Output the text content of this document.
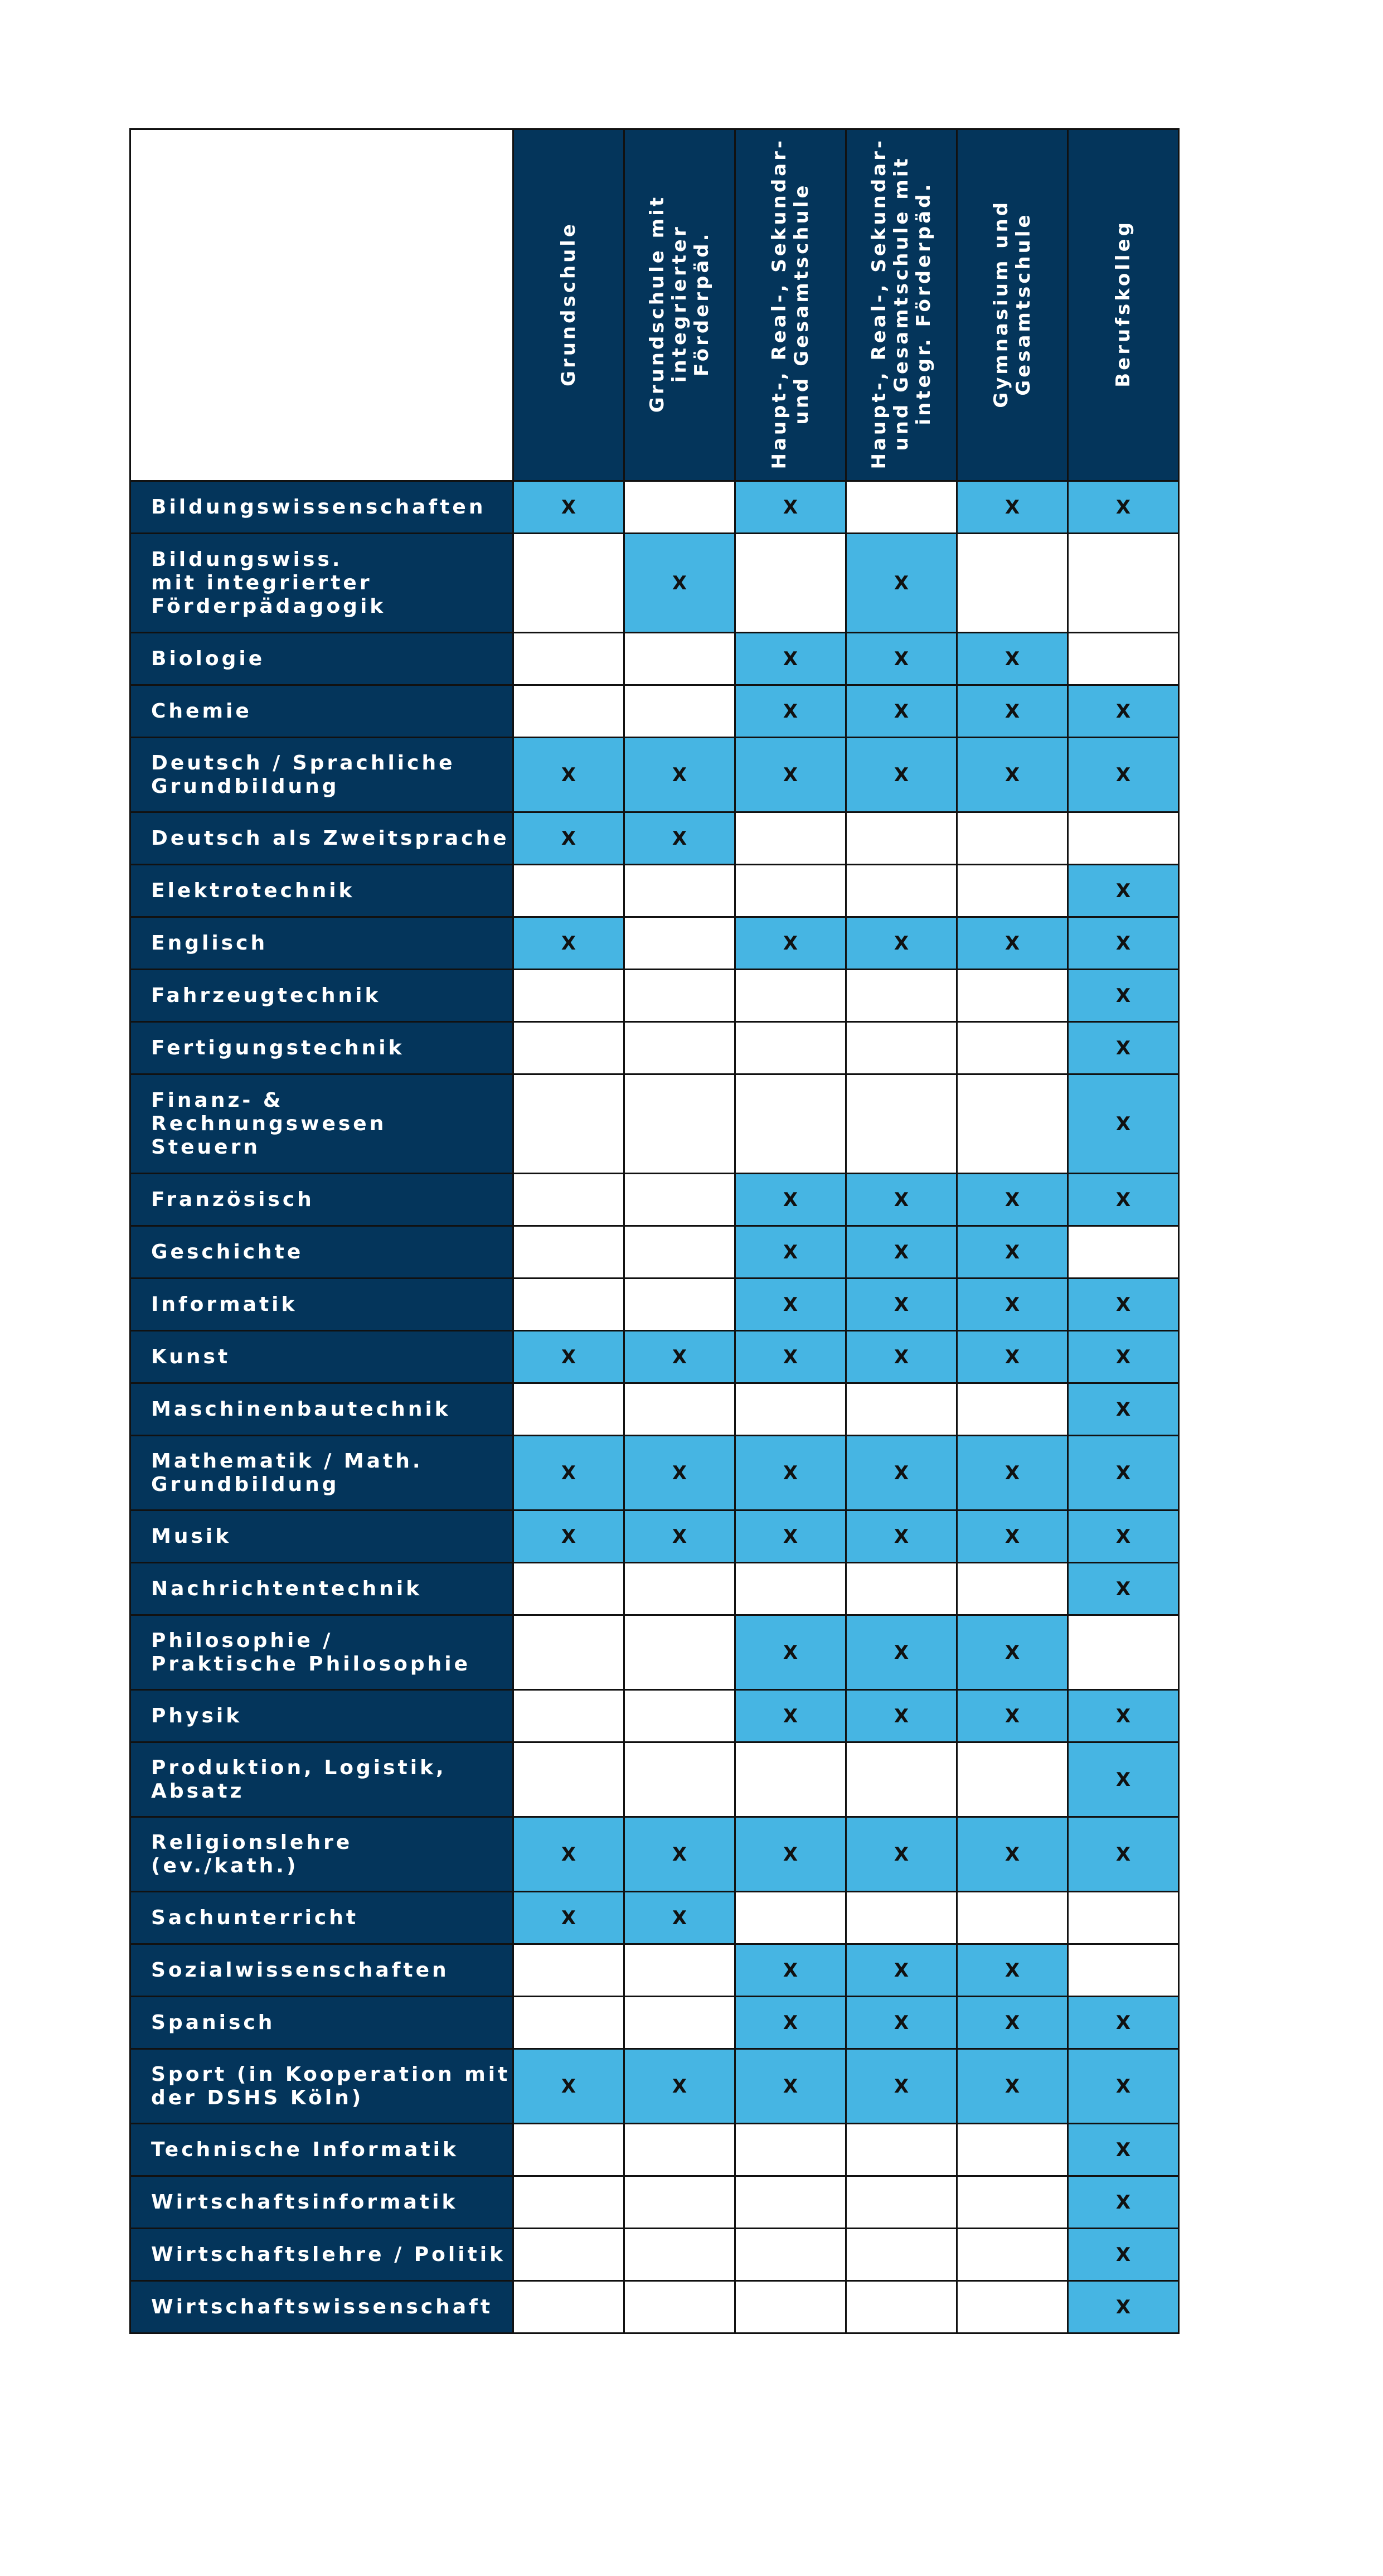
	Grundschule	Grundschule mit
integrierter
Förderpäd.	Haupt-, Real-, Sekundar-
und Gesamtschule	Haupt-, Real-, Sekundar-
und Gesamtschule mit
integr. Förderpäd.	Gymnasium und
Gesamtschule	Berufskolleg
Bildungswissenschaften	X		X		X	X
Bildungswiss.
mit integrierter
Förderpädagogik		X		X		
Biologie			X	X	X	
Chemie			X	X	X	X
Deutsch / Sprachliche
Grundbildung	X	X	X	X	X	X
Deutsch als Zweitsprache	X	X				
Elektrotechnik						X
Englisch	X		X	X	X	X
Fahrzeugtechnik						X
Fertigungstechnik						X
Finanz- &
Rechnungswesen
Steuern						X
Französisch			X	X	X	X
Geschichte			X	X	X	
Informatik			X	X	X	X
Kunst	X	X	X	X	X	X
Maschinenbautechnik						X
Mathematik / Math.
Grundbildung	X	X	X	X	X	X
Musik	X	X	X	X	X	X
Nachrichtentechnik						X
Philosophie /
Praktische Philosophie			X	X	X	
Physik			X	X	X	X
Produktion, Logistik,
Absatz						X
Religionslehre
(ev./kath.)	X	X	X	X	X	X
Sachunterricht	X	X				
Sozialwissenschaften			X	X	X	
Spanisch			X	X	X	X
Sport (in Kooperation mit
der DSHS Köln)	X	X	X	X	X	X
Technische Informatik						X
Wirtschaftsinformatik						X
Wirtschaftslehre / Politik						X
Wirtschaftswissenschaft						X
